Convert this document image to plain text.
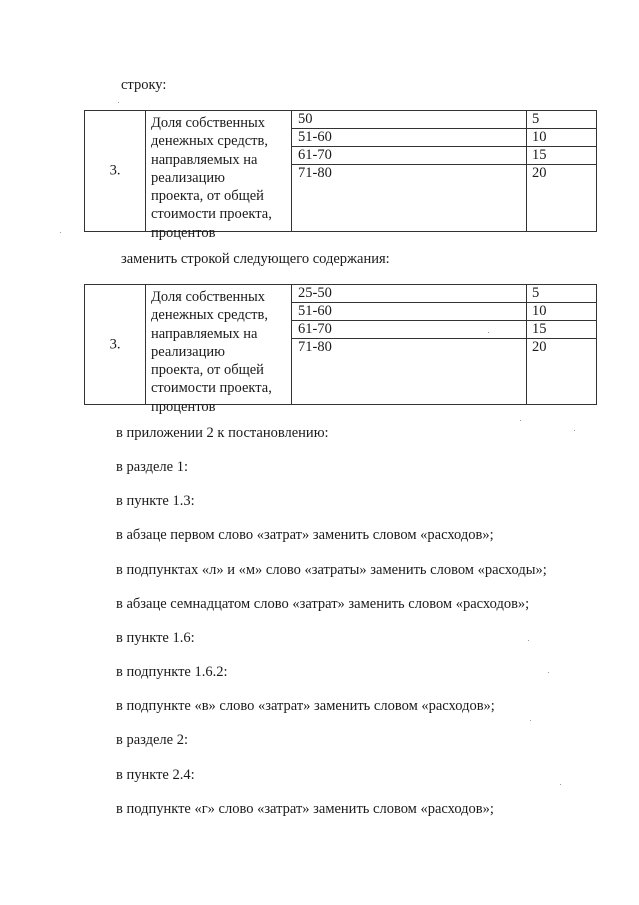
строку:
3.
Доля собственных
денежных средств,
направляемых на
реализацию
проекта, от общей
стоимости проекта,
процентов
50
51-60
61-70
71-80
5
10
15
20
заменить строкой следующего содержания:
3.
Доля собственных
денежных средств,
направляемых на
реализацию
проекта, от общей
стоимости проекта,
процентов
25-50
51-60
61-70
71-80
5
10
15
20
в приложении 2 к постановлению:
в разделе 1:
в пункте 1.3:
в абзаце первом слово «затрат» заменить словом «расходов»;
в подпунктах «л» и «м» слово «затраты» заменить словом «расходы»;
в абзаце семнадцатом слово «затрат» заменить словом «расходов»;
в пункте 1.6:
в подпункте 1.6.2:
в подпункте «в» слово «затрат» заменить словом «расходов»;
в разделе 2:
в пункте 2.4:
в подпункте «г» слово «затрат» заменить словом «расходов»;
